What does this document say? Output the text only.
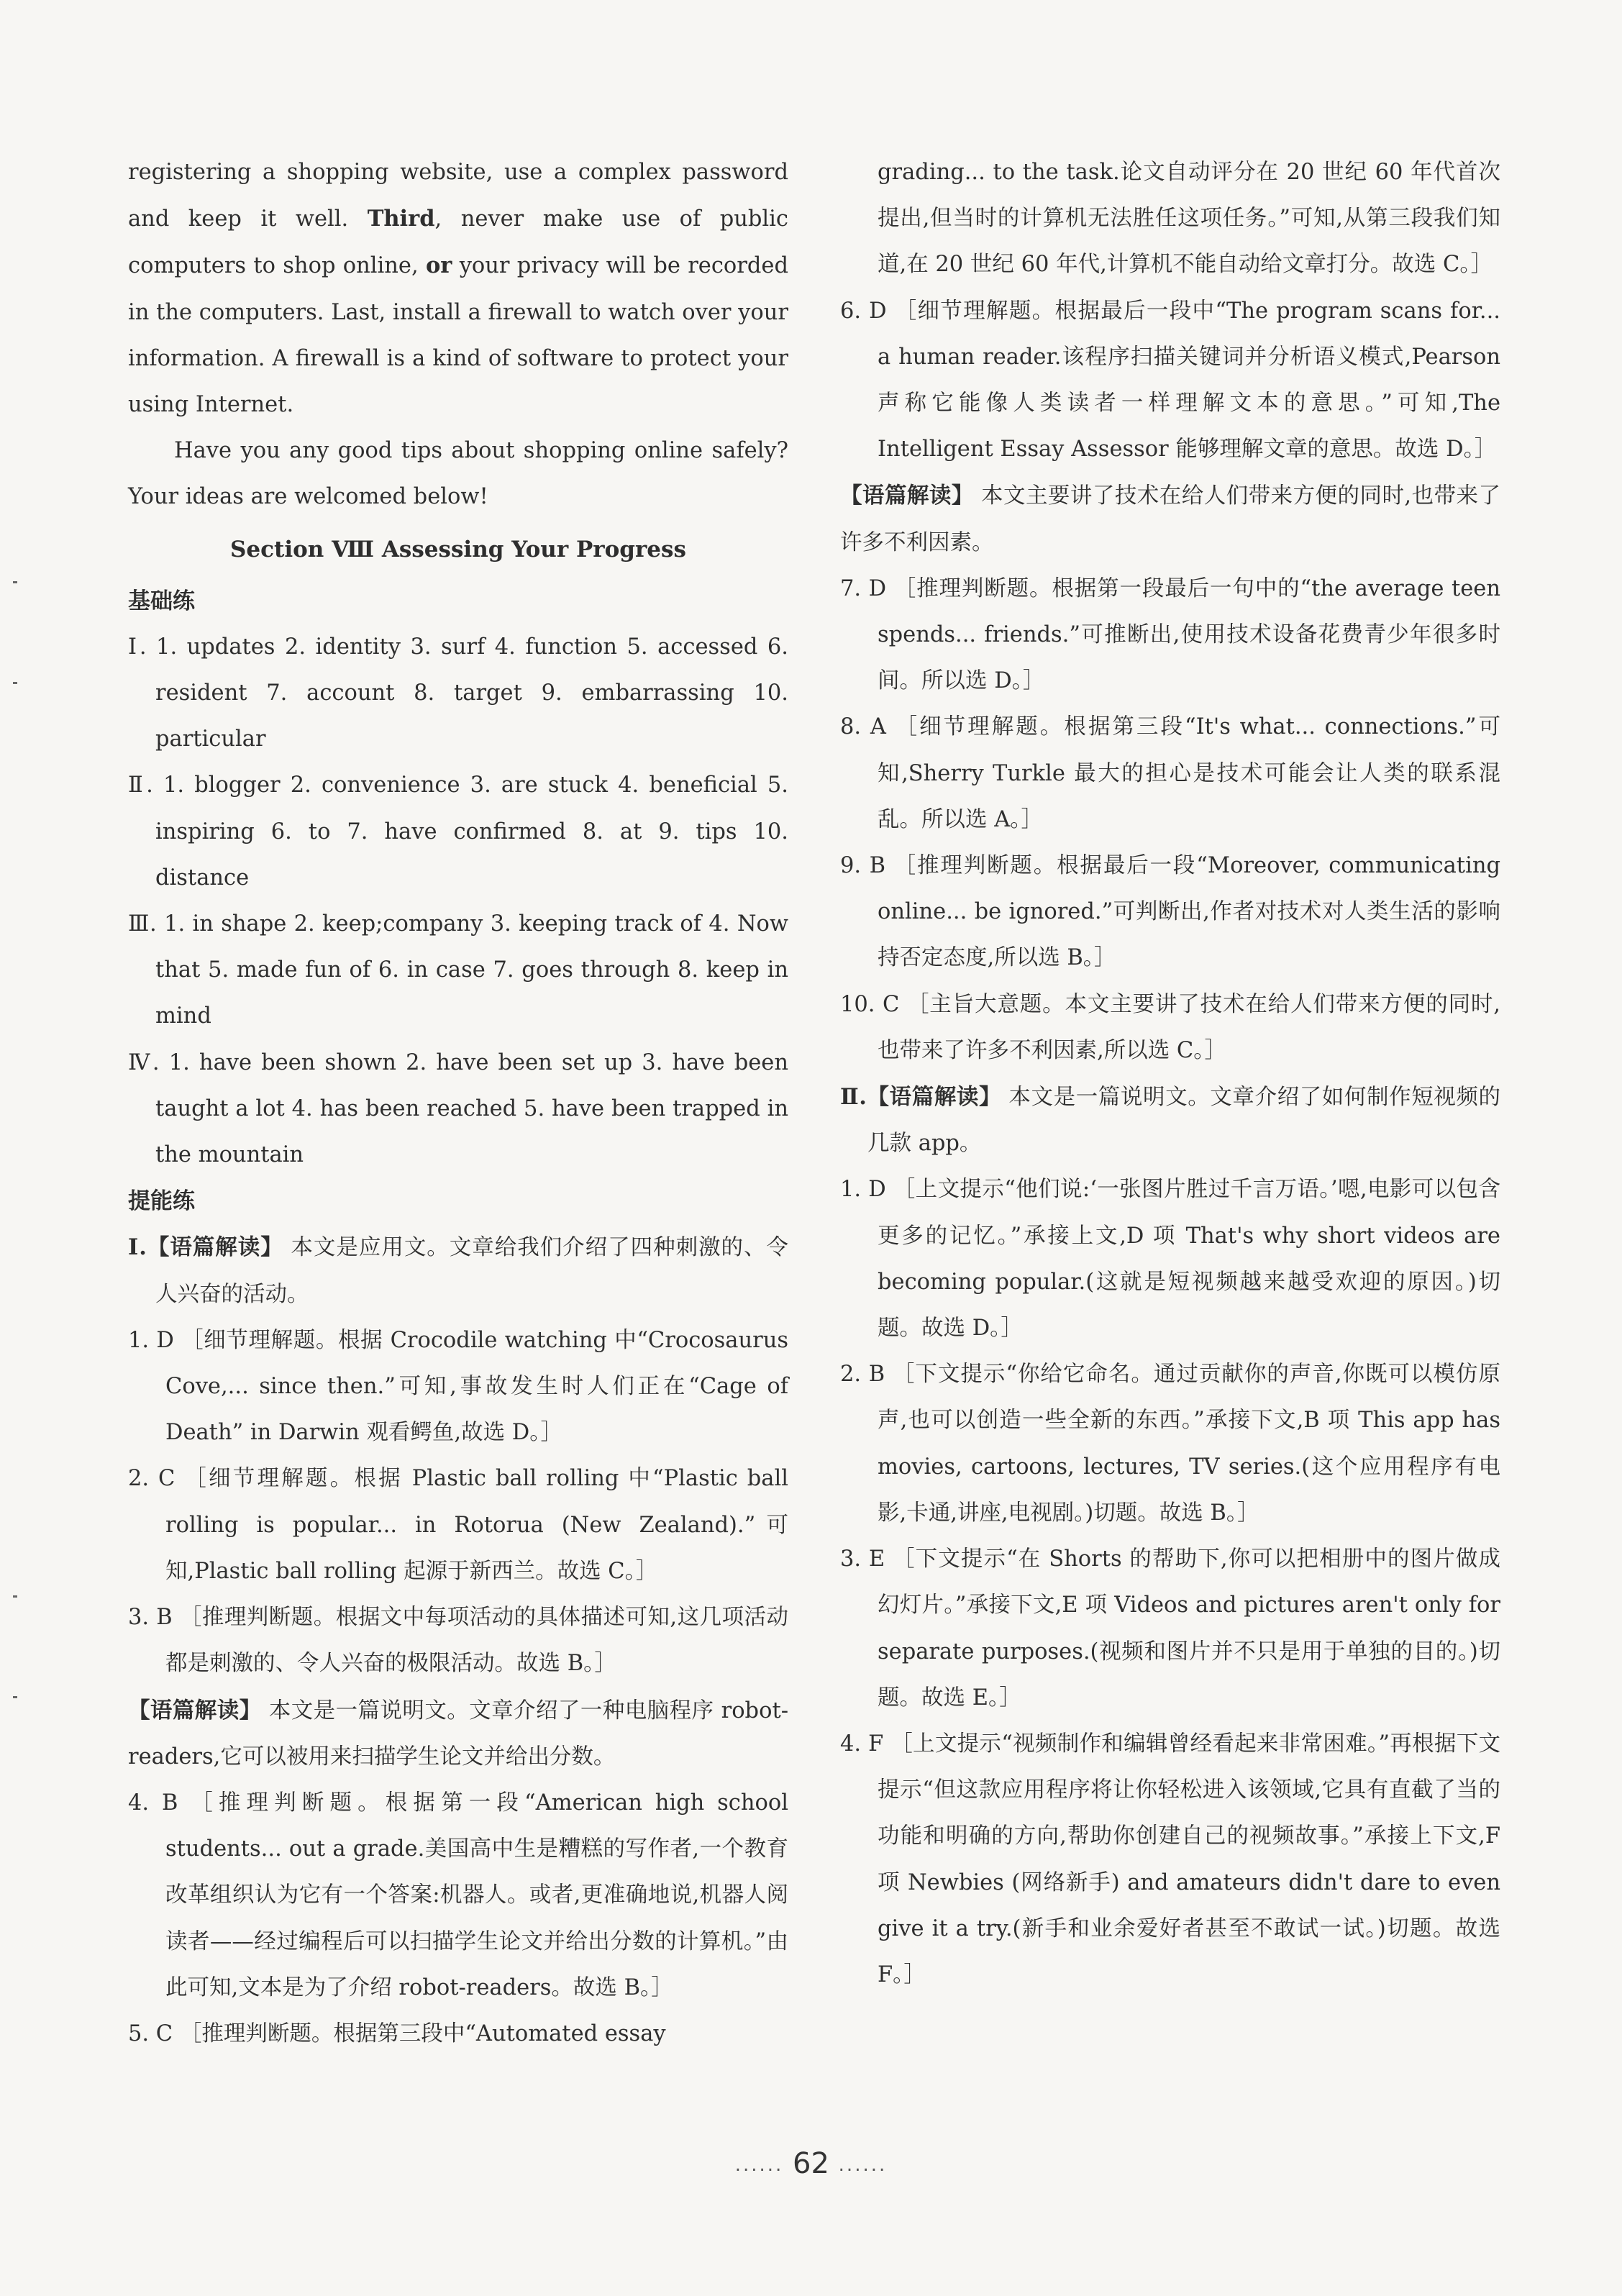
registering a shopping website, use a complex password and keep it well. Third, never make use of public computers to shop online, or your privacy will be recorded in the computers. Last, install a firewall to watch over your information. A firewall is a kind of software to protect your using Internet.

Have you any good tips about shopping online safely? Your ideas are welcomed below!

Section Ⅷ Assessing Your Progress

基础练

Ⅰ. 1. updates 2. identity 3. surf 4. function 5. accessed 6. resident 7. account 8. target 9. embarrassing 10. particular

Ⅱ. 1. blogger 2. convenience 3. are stuck 4. beneficial 5. inspiring 6. to 7. have confirmed 8. at 9. tips 10. distance

Ⅲ. 1. in shape 2. keep;company 3. keeping track of 4. Now that 5. made fun of 6. in case 7. goes through 8. keep in mind

Ⅳ. 1. have been shown 2. have been set up 3. have been taught a lot 4. has been reached 5. have been trapped in the mountain

提能练

Ⅰ.【语篇解读】 本文是应用文。文章给我们介绍了四种刺激的、令人兴奋的活动。

1. D ［细节理解题。根据 Crocodile watching 中“Crocosaurus Cove,... since then.”可知,事故发生时人们正在“Cage of Death” in Darwin 观看鳄鱼,故选 D。］

2. C ［细节理解题。根据 Plastic ball rolling 中“Plastic ball rolling is popular... in Rotorua (New Zealand).”可知,Plastic ball rolling 起源于新西兰。故选 C。］

3. B ［推理判断题。根据文中每项活动的具体描述可知,这几项活动都是刺激的、令人兴奋的极限活动。故选 B。］

【语篇解读】 本文是一篇说明文。文章介绍了一种电脑程序 robot-readers,它可以被用来扫描学生论文并给出分数。

4. B ［推理判断题。根据第一段“American high school students... out a grade.美国高中生是糟糕的写作者,一个教育改革组织认为它有一个答案:机器人。或者,更准确地说,机器人阅读者——经过编程后可以扫描学生论文并给出分数的计算机。”由此可知,文本是为了介绍 robot-readers。故选 B。］

5. C ［推理判断题。根据第三段中“Automated essay

grading... to the task.论文自动评分在 20 世纪 60 年代首次提出,但当时的计算机无法胜任这项任务。”可知,从第三段我们知道,在 20 世纪 60 年代,计算机不能自动给文章打分。故选 C。］

6. D ［细节理解题。根据最后一段中“The program scans for... a human reader.该程序扫描关键词并分析语义模式,Pearson 声称它能像人类读者一样理解文本的意思。”可知,The Intelligent Essay Assessor 能够理解文章的意思。故选 D。］

【语篇解读】 本文主要讲了技术在给人们带来方便的同时,也带来了许多不利因素。

7. D ［推理判断题。根据第一段最后一句中的“the average teen spends... friends.”可推断出,使用技术设备花费青少年很多时间。所以选 D。］

8. A ［细节理解题。根据第三段“It's what... connections.”可知,Sherry Turkle 最大的担心是技术可能会让人类的联系混乱。所以选 A。］

9. B ［推理判断题。根据最后一段“Moreover, communicating online... be ignored.”可判断出,作者对技术对人类生活的影响持否定态度,所以选 B。］

10. C ［主旨大意题。本文主要讲了技术在给人们带来方便的同时,也带来了许多不利因素,所以选 C。］

Ⅱ.【语篇解读】 本文是一篇说明文。文章介绍了如何制作短视频的几款 app。

1. D ［上文提示“他们说:‘一张图片胜过千言万语。’嗯,电影可以包含更多的记忆。”承接上文,D 项 That's why short videos are becoming popular.(这就是短视频越来越受欢迎的原因。)切题。故选 D。］

2. B ［下文提示“你给它命名。通过贡献你的声音,你既可以模仿原声,也可以创造一些全新的东西。”承接下文,B 项 This app has movies, cartoons, lectures, TV series.(这个应用程序有电影,卡通,讲座,电视剧。)切题。故选 B。］

3. E ［下文提示“在 Shorts 的帮助下,你可以把相册中的图片做成幻灯片。”承接下文,E 项 Videos and pictures aren't only for separate purposes.(视频和图片并不只是用于单独的目的。)切题。故选 E。］

4. F ［上文提示“视频制作和编辑曾经看起来非常困难。”再根据下文提示“但这款应用程序将让你轻松进入该领域,它具有直截了当的功能和明确的方向,帮助你创建自己的视频故事。”承接上下文,F 项 Newbies (网络新手) and amateurs didn't dare to even give it a try.(新手和业余爱好者甚至不敢试一试。)切题。故选 F。］

...... 62 ......
